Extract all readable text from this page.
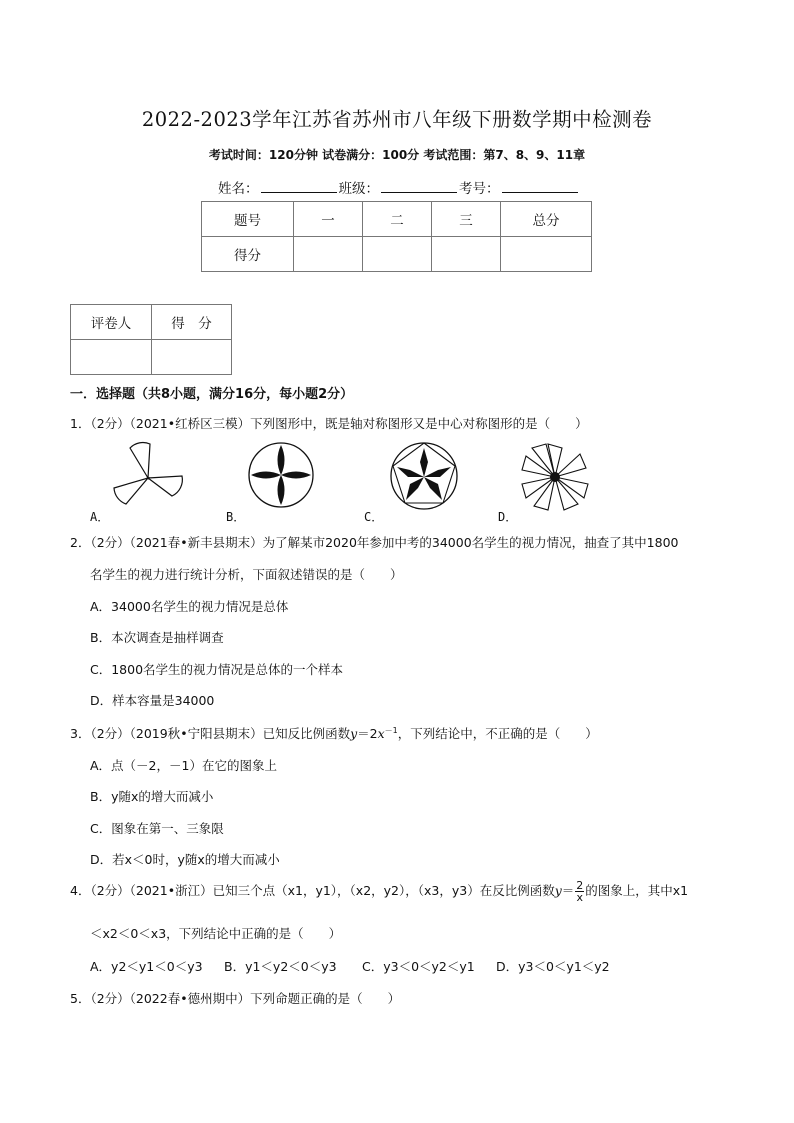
2022-2023学年江苏省苏州市八年级下册数学期中检测卷
考试时间：120分钟 试卷满分：100分 考试范围：第7、8、9、11章
姓名：	班级：	考号：
题号	一	二	三	总分
得分				
评卷人	得　分

一．选择题（共8小题，满分16分，每小题2分）
1．（2分）（2021•红桥区三模）下列图形中，既是轴对称图形又是中心对称图形的是（　　）
A．	B．	C．	D．
2．（2分）（2021春•新丰县期末）为了解某市2020年参加中考的34000名学生的视力情况，抽查了其中1800
名学生的视力进行统计分析，下面叙述错误的是（　　）
A．34000名学生的视力情况是总体
B．本次调查是抽样调查
C．1800名学生的视力情况是总体的一个样本
D．样本容量是34000
3．（2分）（2019秋•宁阳县期末）已知反比例函数$y=2x^{-1}$，下列结论中，不正确的是（　　）
A．点（－2，－1）在它的图象上
B．y随x的增大而减小
C．图象在第一、三象限
D．若x＜0时，y随x的增大而减小
4．（2分）（2021•浙江）已知三个点（x1，y1），（x2，y2），（x3，y3）在反比例函数$y= \frac{2}{x}$ 的图象上，其中x1
＜x2＜0＜x3，下列结论中正确的是（　　）
A．y2＜y1＜0＜y3 B．y1＜y2＜0＜y3 C．y3＜0＜y2＜y1 D．y3＜0＜y1＜y2
5．（2分）（2022春•德州期中）下列命题正确的是（　　）
